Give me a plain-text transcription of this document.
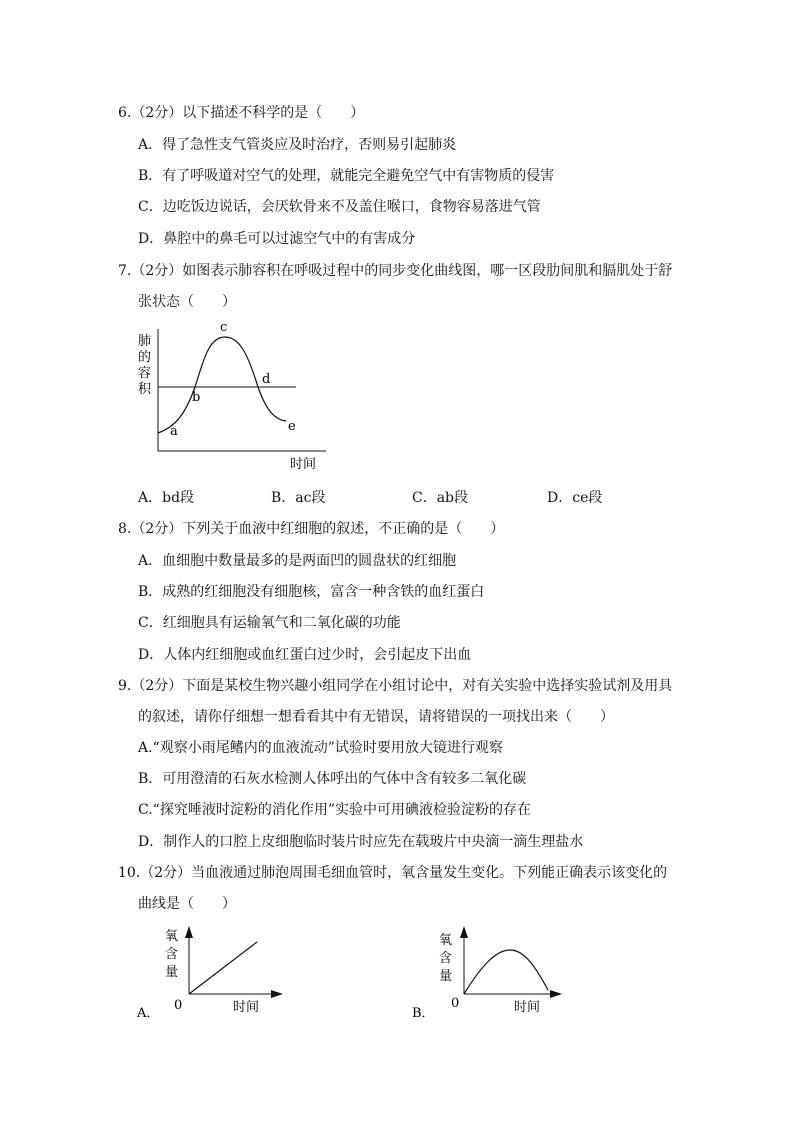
6.（2分）以下描述不科学的是（　　）
A．得了急性支气管炎应及时治疗，否则易引起肺炎
B．有了呼吸道对空气的处理，就能完全避免空气中有害物质的侵害
C．边吃饭边说话，会厌软骨来不及盖住喉口，食物容易落进气管
D．鼻腔中的鼻毛可以过滤空气中的有害成分
7.（2分）如图表示肺容积在呼吸过程中的同步变化曲线图，哪一区段肋间肌和膈肌处于舒
张状态（　　）
肺
的
容
积
a
b
c
d
e
时间
A．bd段	B．ac段	C．ab段	D．ce段
8.（2分）下列关于血液中红细胞的叙述，不正确的是（　　）
A．血细胞中数量最多的是两面凹的圆盘状的红细胞
B．成熟的红细胞没有细胞核，富含一种含铁的血红蛋白
C．红细胞具有运输氧气和二氧化碳的功能
D．人体内红细胞或血红蛋白过少时，会引起皮下出血
9.（2分）下面是某校生物兴趣小组同学在小组讨论中，对有关实验中选择实验试剂及用具
的叙述，请你仔细想一想看看其中有无错误，请将错误的一项找出来（　　）
A.“观察小雨尾鳍内的血液流动”试验时要用放大镜进行观察
B．可用澄清的石灰水检测人体呼出的气体中含有较多二氧化碳
C.“探究唾液时淀粉的消化作用”实验中可用碘液检验淀粉的存在
D．制作人的口腔上皮细胞临时装片时应先在载玻片中央滴一滴生理盐水
10.（2分）当血液通过肺泡周围毛细血管时，氧含量发生变化。下列能正确表示该变化的
曲线是（　　）
氧
含
量
0	时间
A．
氧
含
量
0	时间
B．
